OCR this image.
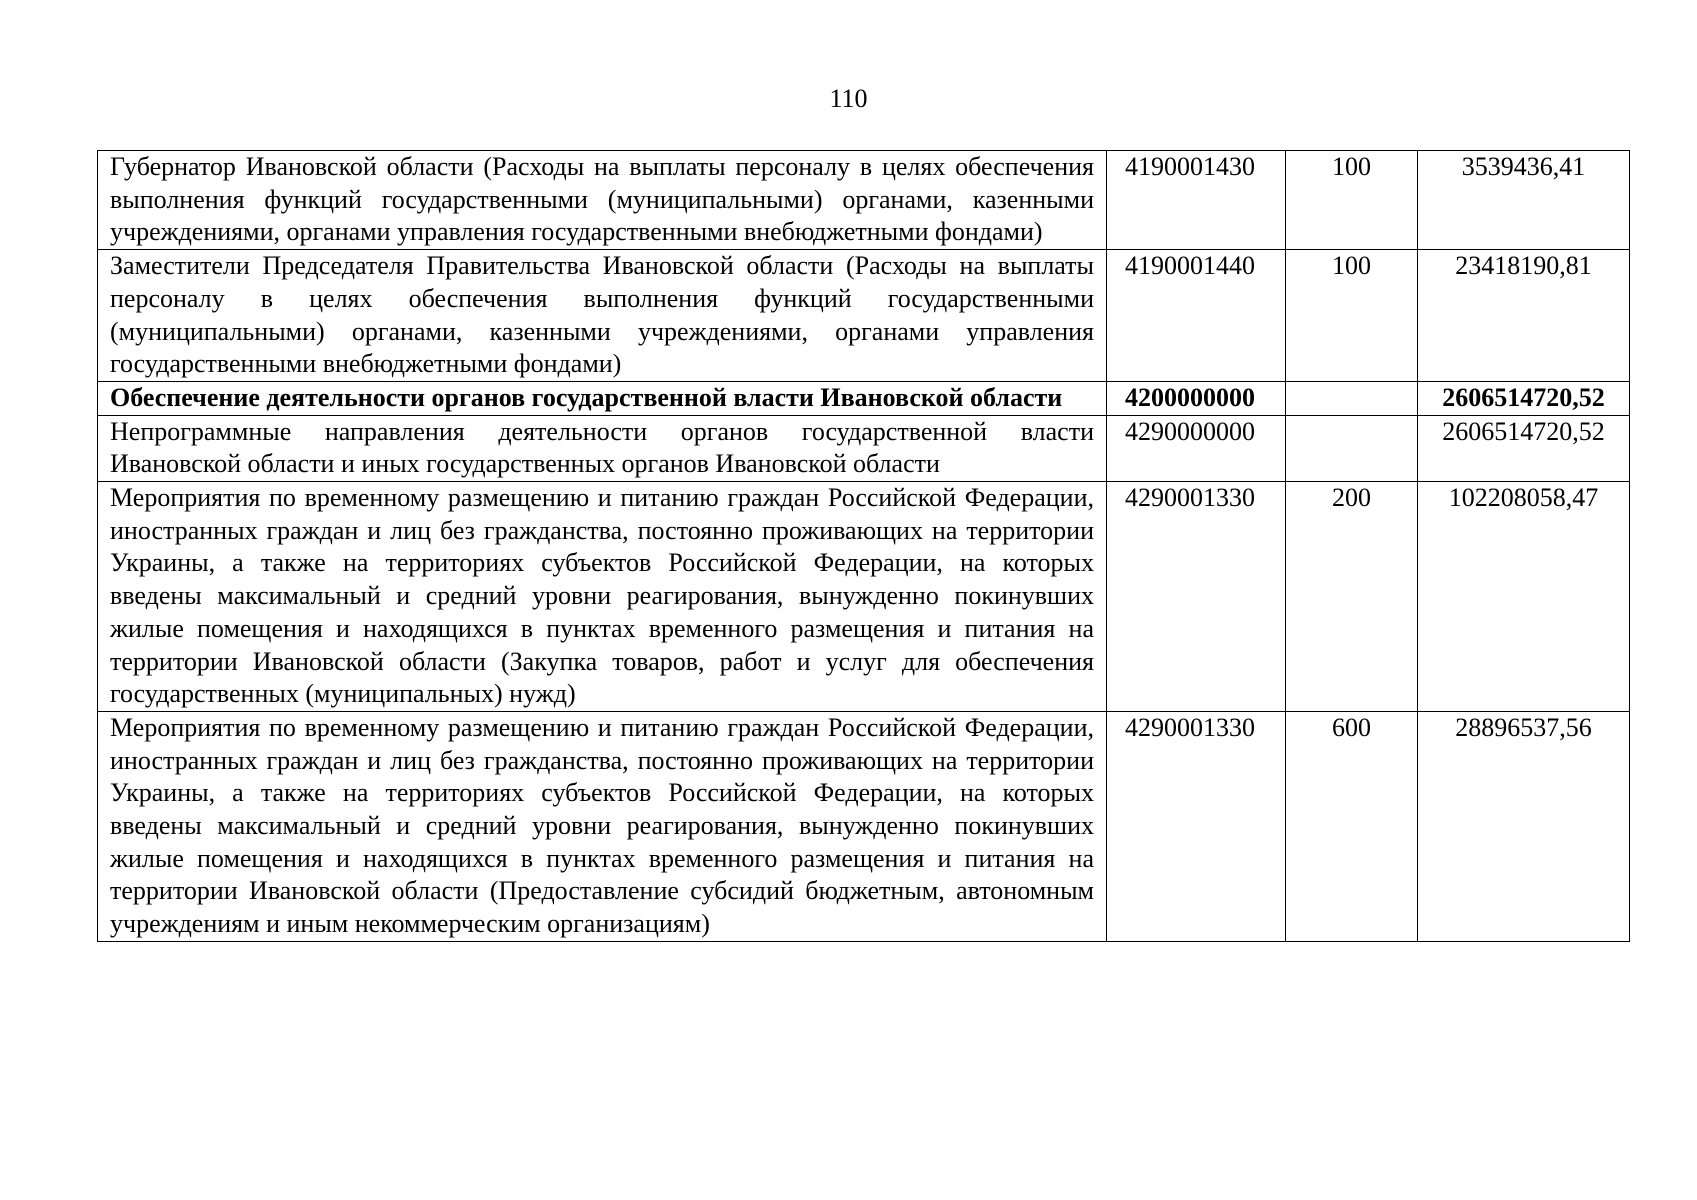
110
Губернатор Ивановской области (Расходы на выплаты персоналу в целях обеспечения выполнения функций государственными (муниципальными) органами, казенными учреждениями, органами управления государственными внебюджетными фондами)	4190001430	100	3539436,41
Заместители Председателя Правительства Ивановской области (Расходы на выплаты персоналу в целях обеспечения выполнения функций государственными (муниципальными) органами, казенными учреждениями, органами управления государственными внебюджетными фондами)	4190001440	100	23418190,81
Обеспечение деятельности органов государственной власти Ивановской области	4200000000		2606514720,52
Непрограммные направления деятельности органов государственной власти Ивановской области и иных государственных органов Ивановской области	4290000000		2606514720,52
Мероприятия по временному размещению и питанию граждан Российской Федерации, иностранных граждан и лиц без гражданства, постоянно проживающих на территории Украины, а также на территориях субъектов Российской Федерации, на которых введены максимальный и средний уровни реагирования, вынужденно покинувших жилые помещения и находящихся в пунктах временного размещения и питания на территории Ивановской области (Закупка товаров, работ и услуг для обеспечения государственных (муниципальных) нужд)	4290001330	200	102208058,47
Мероприятия по временному размещению и питанию граждан Российской Федерации, иностранных граждан и лиц без гражданства, постоянно проживающих на территории Украины, а также на территориях субъектов Российской Федерации, на которых введены максимальный и средний уровни реагирования, вынужденно покинувших жилые помещения и находящихся в пунктах временного размещения и питания на территории Ивановской области (Предоставление субсидий бюджетным, автономным учреждениям и иным некоммерческим организациям)	4290001330	600	28896537,56
